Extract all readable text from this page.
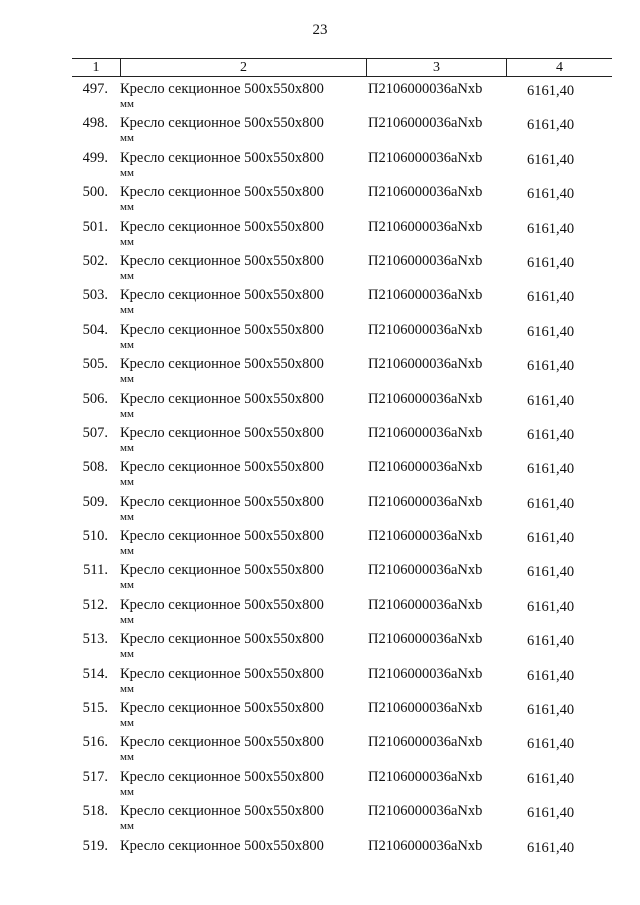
23
1	2	3	4
497. Кресло секционное 500х550х800
мм
П2106000036аNxb	6161,40
498. Кресло секционное 500х550х800
мм
П2106000036аNxb	6161,40
499. Кресло секционное 500х550х800
мм
П2106000036аNxb	6161,40
500. Кресло секционное 500х550х800
мм
П2106000036аNxb	6161,40
501. Кресло секционное 500х550х800
мм
П2106000036аNxb	6161,40
502. Кресло секционное 500х550х800
мм
П2106000036аNxb	6161,40
503. Кресло секционное 500х550х800
мм
П2106000036аNxb	6161,40
504. Кресло секционное 500х550х800
мм
П2106000036аNxb	6161,40
505. Кресло секционное 500х550х800
мм
П2106000036аNxb	6161,40
506. Кресло секционное 500х550х800
мм
П2106000036аNxb	6161,40
507. Кресло секционное 500х550х800
мм
П2106000036аNxb	6161,40
508. Кресло секционное 500х550х800
мм
П2106000036аNxb	6161,40
509. Кресло секционное 500х550х800
мм
П2106000036аNxb	6161,40
510. Кресло секционное 500х550х800
мм
П2106000036аNxb	6161,40
511. Кресло секционное 500х550х800
мм
П2106000036аNxb	6161,40
512. Кресло секционное 500х550х800
мм
П2106000036аNxb	6161,40
513. Кресло секционное 500х550х800
мм
П2106000036аNxb	6161,40
514. Кресло секционное 500х550х800
мм
П2106000036аNxb	6161,40
515. Кресло секционное 500х550х800
мм
П2106000036аNxb	6161,40
516. Кресло секционное 500х550х800
мм
П2106000036аNxb	6161,40
517. Кресло секционное 500х550х800
мм
П2106000036аNxb	6161,40
518. Кресло секционное 500х550х800
мм
П2106000036аNxb	6161,40
519. Кресло секционное 500х550х800	П2106000036аNxb	6161,40
